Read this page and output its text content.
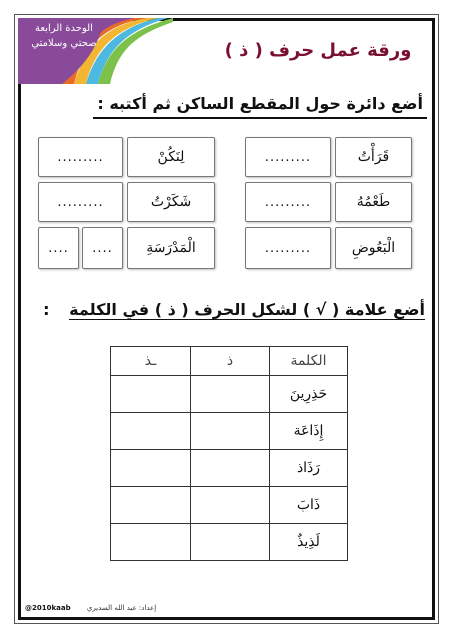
الوحدة الرابعة
صحتي وسلامتي	ورقة عمل حرف ( ذ )
أضع دائرة حول المقطع الساكن ثم أكتبه :
قَرَأْتُ
.........
طَعْمُهُ
.........
الْبَعُوضِ
.........
لِنَكُنْ
.........
شَكَرْتُ
.........
الْمَدْرَسَةِ
....
....
أضع علامة ( √ ) لشكل الحرف ( ذ ) في الكلمة :
الكلمة	ذ	ـذ
حَذِرِينَ		
إِذَاعَة		
رَذَاذ		
ذَابَ		
لَذِيذٌ		
@2010kaab إعداد: عبد الله السديري
